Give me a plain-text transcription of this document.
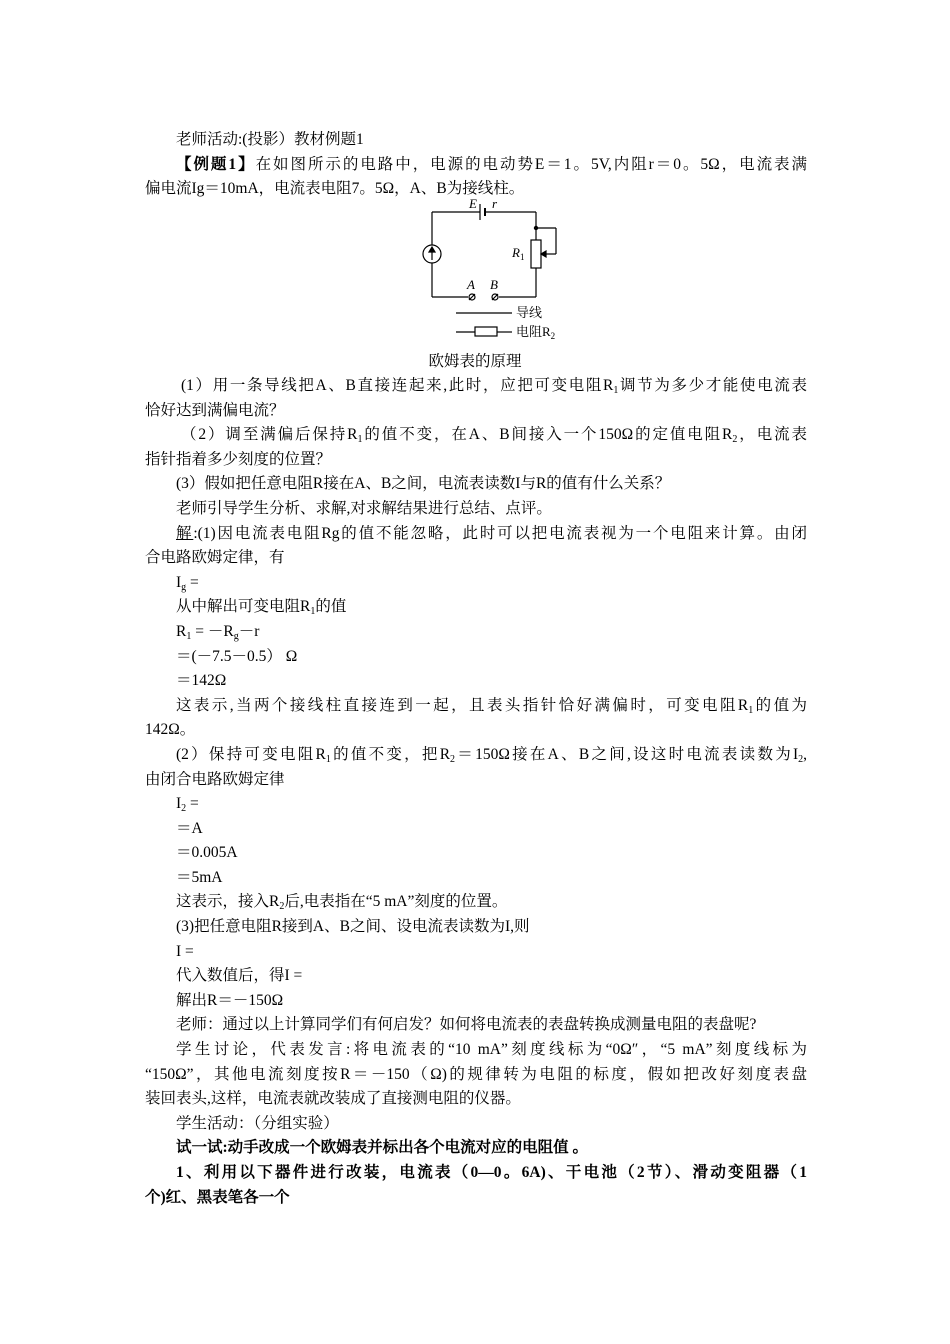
老师活动:(投影）教材例题1
【例题1】在如图所示的电路中，电源的电动势E＝1。5V,内阻r＝0。5Ω，电流表满
偏电流Ig＝10mA，电流表电阻7。5Ω，A、B为接线柱。
E r
$R_1$
A B
导线
电阻$R_2$
欧姆表的原理
(1）用一条导线把A、B直接连起来,此时，应把可变电阻$R_1$调节为多少才能使电流表
恰好达到满偏电流？
（2）调至满偏后保持$R_1$的值不变，在A、B间接入一个150Ω的定值电阻$R_2$，电流表
指针指着多少刻度的位置？
(3）假如把任意电阻R接在A、B之间，电流表读数I与R的值有什么关系？
老师引导学生分析、求解,对求解结果进行总结、点评。
解:(1)因电流表电阻Rg的值不能忽略，此时可以把电流表视为一个电阻来计算。由闭
合电路欧姆定律，有
$I_g$ =
从中解出可变电阻$R_1$的值
$R_1 = -R_g-r$
＝(－7.5－0.5） Ω
＝142Ω
这表示,当两个接线柱直接连到一起，且表头指针恰好满偏时，可变电阻$R_1$的值为
142Ω。
(2）保持可变电阻$R_1$的值不变，把$R_2=150\Omega$接在A、B之间,设这时电流表读数为$I_2$,
由闭合电路欧姆定律
$I_2$ =
＝A
＝0.005A
＝5mA
这表示，接入$R_2$后,电表指在“5 mA”刻度的位置。
(3)把任意电阻R接到A、B之间、设电流表读数为I,则
I =
代入数值后，得I =
解出R＝－150Ω
老师：通过以上计算同学们有何启发？如何将电流表的表盘转换成测量电阻的表盘呢?
学生讨论，代表发言:将电流表的“10 mA”刻度线标为“0Ω″，“5 mA”刻度线标为
“150Ω”，其他电流刻度按R＝－150（Ω)的规律转为电阻的标度，假如把改好刻度表盘
装回表头,这样，电流表就改装成了直接测电阻的仪器。
学生活动：（分组实验）
试一试:动手改成一个欧姆表并标出各个电流对应的电阻值 。
1、利用以下器件进行改装，电流表（0—0。6A)、干电池（2节）、滑动变阻器（1
个)红、黑表笔各一个
